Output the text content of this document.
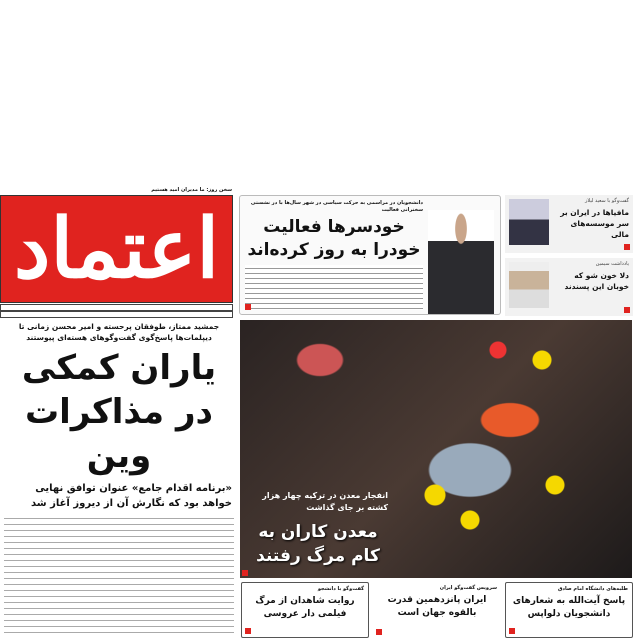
سخن روز: ما مدیران امید هستیم
اعتماد
جمشید ممتاز، طوفقان پرحسته و امیر محسن زمانی تا دیپلمات‌ها پاسخ‌گوی گفت‌وگوهای هسته‌ای پیوستند
یاران کمکی در مذاکرات وین
«برنامه اقدام جامع» عنوان توافق نهایی خواهد بود که نگارش آن از دیروز آغاز شد
دانشجویان در مراسمی به حرکت سیاسی در شهر سال‌ها با در نشستی سخنرانی فعالیت
خودسرها فعالیت خودرا به روز کرده‌اند
گفت‌وگو با سعید لیلاز
مافیا‌ها در ایران بر سر موسسه‌های مالی
یادداشت سیمین
دلا خون شو که خوبان این پسندند
انفجار معدن در ترکیه چهار هزار کشته بر جای گذاشت
معدن کاران به کام مرگ رفتند
گفت‌وگو با دانشجو
روایت شاهدان از مرگ فیلمی دار عروسی
سرویس گفت‌وگو ایران
ایران پانزدهمین قدرت بالقوه جهان است
طلبه‌های دانشگاه امام صادق
پاسخ آیت‌الله به شعارهای دانشجویان دلواپس
